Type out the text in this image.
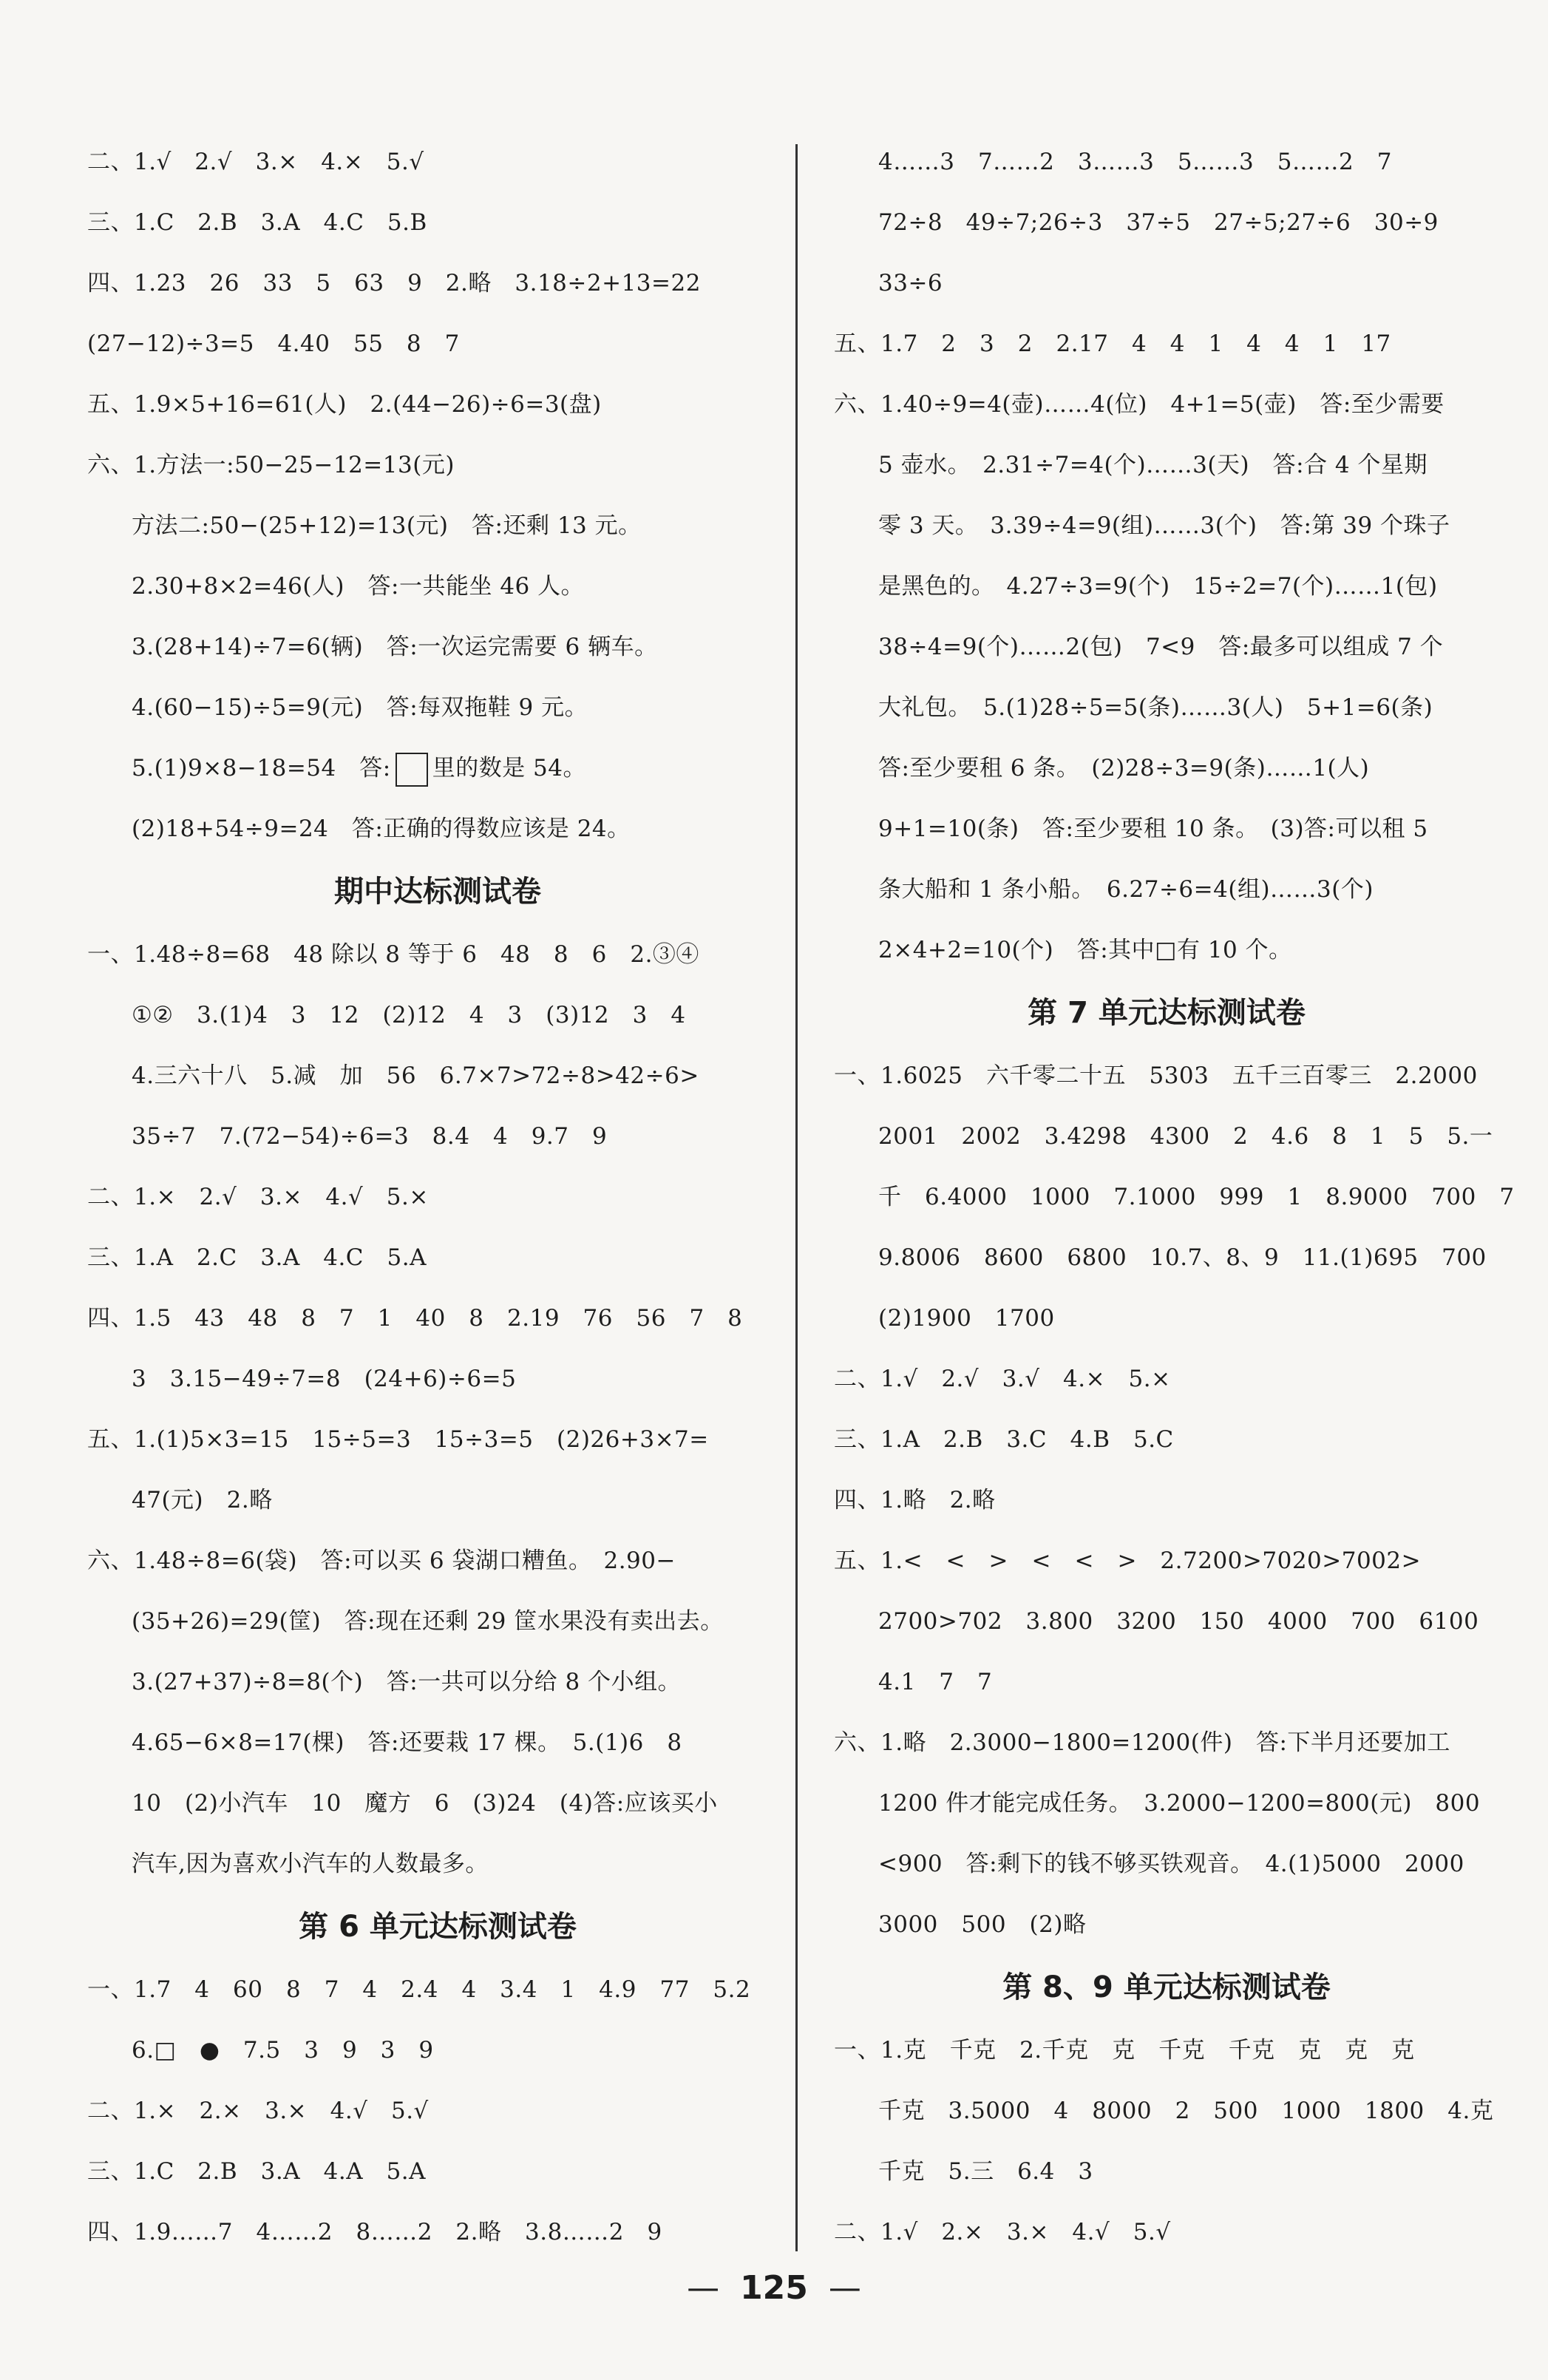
二、1.√　2.√　3.×　4.×　5.√
三、1.C　2.B　3.A　4.C　5.B
四、1.23　26　33　5　63　9　2.略　3.18÷2+13=22
(27−12)÷3=5　4.40　55　8　7
五、1.9×5+16=61(人)　2.(44−26)÷6=3(盘)
六、1.方法一:50−25−12=13(元)
方法二:50−(25+12)=13(元)　答:还剩 13 元。
2.30+8×2=46(人)　答:一共能坐 46 人。
3.(28+14)÷7=6(辆)　答:一次运完需要 6 辆车。
4.(60−15)÷5=9(元)　答:每双拖鞋 9 元。
5.(1)9×8−18=54　答: 里的数是 54。
(2)18+54÷9=24　答:正确的得数应该是 24。
期中达标测试卷
一、1.48÷8=68　48 除以 8 等于 6　48　8　6　2.③④
①②　3.(1)4　3　12　(2)12　4　3　(3)12　3　4
4.三六十八　5.减　加　56　6.7×7>72÷8>42÷6>
35÷7　7.(72−54)÷6=3　8.4　4　9.7　9
二、1.×　2.√　3.×　4.√　5.×
三、1.A　2.C　3.A　4.C　5.A
四、1.5　43　48　8　7　1　40　8　2.19　76　56　7　8
3　3.15−49÷7=8　(24+6)÷6=5
五、1.(1)5×3=15　15÷5=3　15÷3=5　(2)26+3×7=
47(元)　2.略
六、1.48÷8=6(袋)　答:可以买 6 袋湖口糟鱼。　2.90−
(35+26)=29(筐)　答:现在还剩 29 筐水果没有卖出去。
3.(27+37)÷8=8(个)　答:一共可以分给 8 个小组。
4.65−6×8=17(棵)　答:还要栽 17 棵。　5.(1)6　8
10　(2)小汽车　10　魔方　6　(3)24　(4)答:应该买小
汽车,因为喜欢小汽车的人数最多。
第 6 单元达标测试卷
一、1.7　4　60　8　7　4　2.4　4　3.4　1　4.9　77　5.2
6.□　●　7.5　3　9　3　9
二、1.×　2.×　3.×　4.√　5.√
三、1.C　2.B　3.A　4.A　5.A
四、1.9……7　4……2　8……2　2.略　3.8……2　9
4……3　7……2　3……3　5……3　5……2　7
72÷8　49÷7;26÷3　37÷5　27÷5;27÷6　30÷9
33÷6
五、1.7　2　3　2　2.17　4　4　1　4　4　1　17
六、1.40÷9=4(壶)……4(位)　4+1=5(壶)　答:至少需要
5 壶水。　2.31÷7=4(个)……3(天)　答:合 4 个星期
零 3 天。　3.39÷4=9(组)……3(个)　答:第 39 个珠子
是黑色的。　4.27÷3=9(个)　15÷2=7(个)……1(包)
38÷4=9(个)……2(包)　7<9　答:最多可以组成 7 个
大礼包。　5.(1)28÷5=5(条)……3(人)　5+1=6(条)
答:至少要租 6 条。　(2)28÷3=9(条)……1(人)
9+1=10(条)　答:至少要租 10 条。　(3)答:可以租 5
条大船和 1 条小船。　6.27÷6=4(组)……3(个)
2×4+2=10(个)　答:其中□有 10 个。
第 7 单元达标测试卷
一、1.6025　六千零二十五　5303　五千三百零三　2.2000
2001　2002　3.4298　4300　2　4.6　8　1　5　5.一
千　6.4000　1000　7.1000　999　1　8.9000　700　7
9.8006　8600　6800　10.7、8、9　11.(1)695　700
(2)1900　1700
二、1.√　2.√　3.√　4.×　5.×
三、1.A　2.B　3.C　4.B　5.C
四、1.略　2.略
五、1.<　<　>　<　<　>　2.7200>7020>7002>
2700>702　3.800　3200　150　4000　700　6100
4.1　7　7
六、1.略　2.3000−1800=1200(件)　答:下半月还要加工
1200 件才能完成任务。　3.2000−1200=800(元)　800
<900　答:剩下的钱不够买铁观音。　4.(1)5000　2000
3000　500　(2)略
第 8、9 单元达标测试卷
一、1.克　千克　2.千克　克　千克　千克　克　克　克
千克　3.5000　4　8000　2　500　1000　1800　4.克
千克　5.三　6.4　3
二、1.√　2.×　3.×　4.√　5.√
— 125 —
